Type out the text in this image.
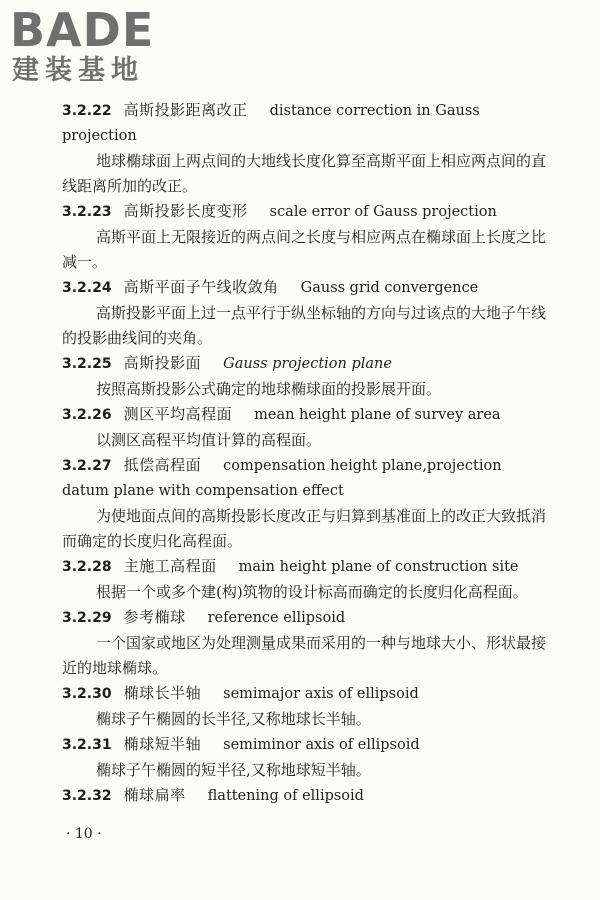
BADE
建装基地
3.2.22 高斯投影距离改正 distance correction in Gauss
projection

地球椭球面上两点间的大地线长度化算至高斯平面上相应两点间的直线距离所加的改正。

3.2.23 高斯投影长度变形 scale error of Gauss projection

高斯平面上无限接近的两点间之长度与相应两点在椭球面上长度之比减一。

3.2.24 高斯平面子午线收敛角 Gauss grid convergence

高斯投影平面上过一点平行于纵坐标轴的方向与过该点的大地子午线的投影曲线间的夹角。

3.2.25 高斯投影面 Gauss projection plane

按照高斯投影公式确定的地球椭球面的投影展开面。

3.2.26 测区平均高程面 mean height plane of survey area

以测区高程平均值计算的高程面。

3.2.27 抵偿高程面 compensation height plane,projection
datum plane with compensation effect

为使地面点间的高斯投影长度改正与归算到基准面上的改正大致抵消而确定的长度归化高程面。

3.2.28 主施工高程面 main height plane of construction site

根据一个或多个建(构)筑物的设计标高而确定的长度归化高程面。

3.2.29 参考椭球 reference ellipsoid

一个国家或地区为处理测量成果而采用的一种与地球大小、形状最接近的地球椭球。

3.2.30 椭球长半轴 semimajor axis of ellipsoid

椭球子午椭圆的长半径,又称地球长半轴。

3.2.31 椭球短半轴 semiminor axis of ellipsoid

椭球子午椭圆的短半径,又称地球短半轴。

3.2.32 椭球扁率 flattening of ellipsoid
· 10 ·
